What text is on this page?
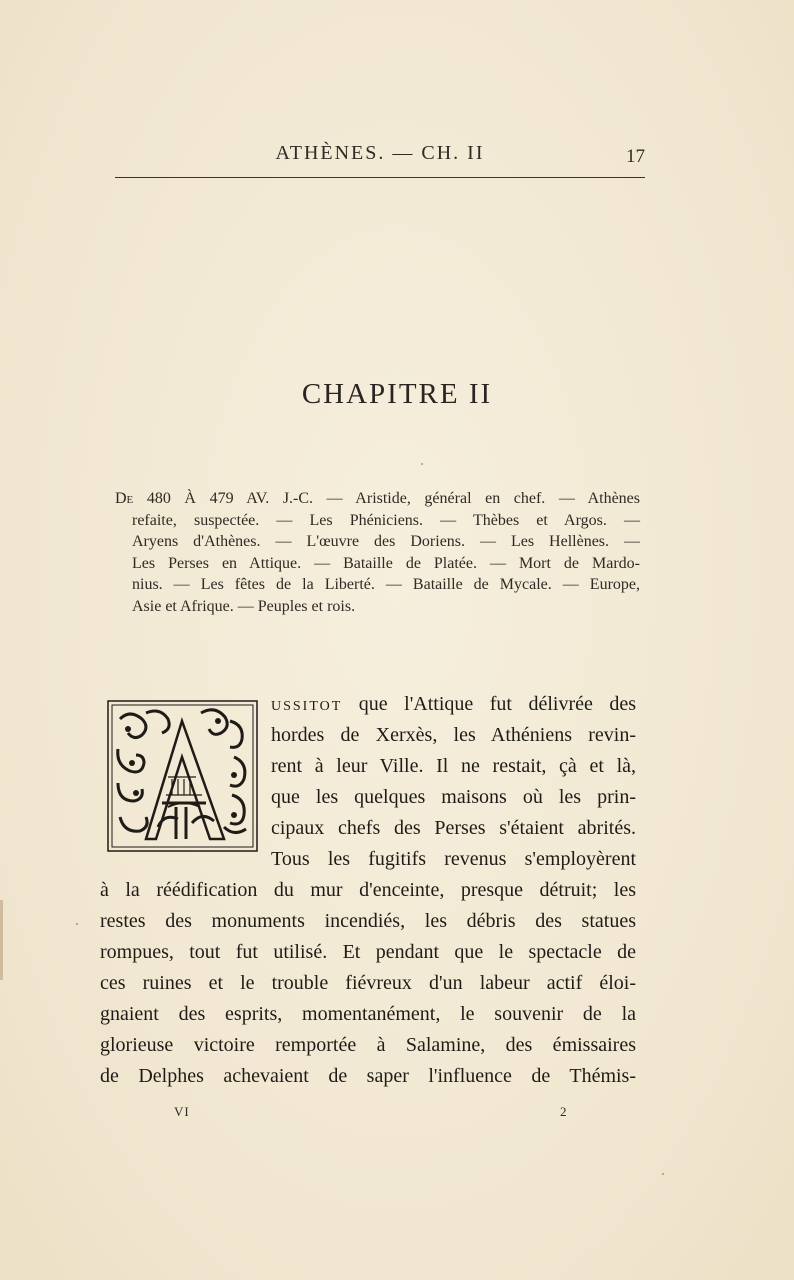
ATHÈNES. — CH. II	17
CHAPITRE II
De 480 À 479 AV. J.-C. — Aristide, général en chef. — Athènes
refaite, suspectée. — Les Phéniciens. — Thèbes et Argos. —
Aryens d'Athènes. — L'œuvre des Doriens. — Les Hellènes. —
Les Perses en Attique. — Bataille de Platée. — Mort de Mardo-
nius. — Les fêtes de la Liberté. — Bataille de Mycale. — Europe,
Asie et Afrique. — Peuples et rois.
ussitot que l'Attique fut délivrée des
hordes de Xerxès, les Athéniens revin-
rent à leur Ville. Il ne restait, çà et là,
que les quelques maisons où les prin-
cipaux chefs des Perses s'étaient abrités.
Tous les fugitifs revenus s'employèrent
à la réédification du mur d'enceinte, presque détruit; les
restes des monuments incendiés, les débris des statues
rompues, tout fut utilisé. Et pendant que le spectacle de
ces ruines et le trouble fiévreux d'un labeur actif éloi-
gnaient des esprits, momentanément, le souvenir de la
glorieuse victoire remportée à Salamine, des émissaires
de Delphes achevaient de saper l'influence de Thémis-
VI	2
